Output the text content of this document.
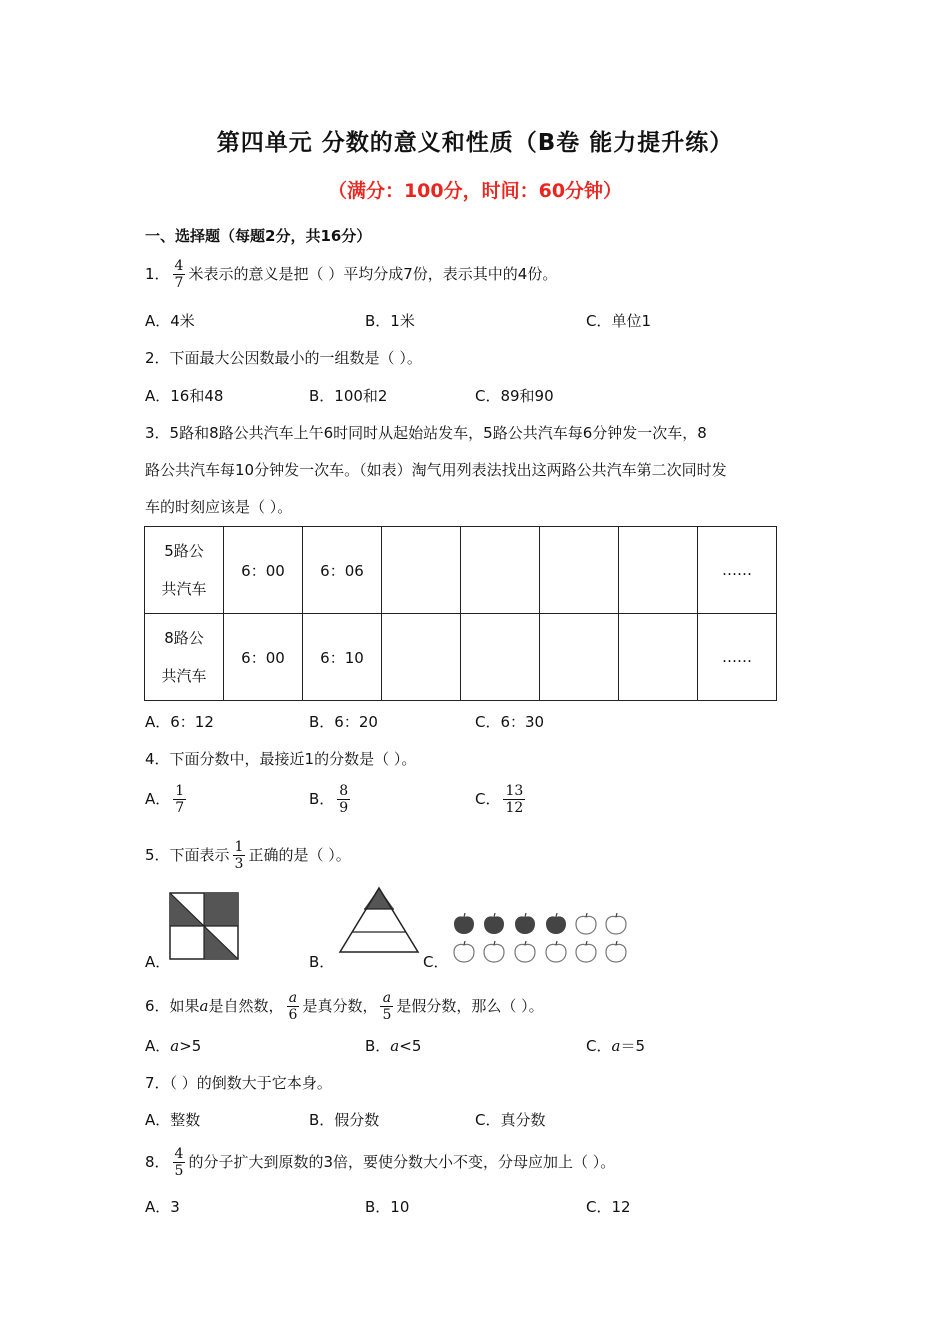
第四单元 分数的意义和性质（B卷 能力提升练）
（满分：100分，时间：60分钟）
一、选择题（每题2分，共16分）
1． $\frac{4}{7}$ 米表示的意义是把（ ）平均分成7份，表示其中的4份。
A．4米	B．1米	C．单位1
2．下面最大公因数最小的一组数是（ ）。
A．16和48	B．100和2	C．89和90
3．5路和8路公共汽车上午6时同时从起始站发车，5路公共汽车每6分钟发一次车，8
路公共汽车每10分钟发一次车。（如表）淘气用列表法找出这两路公共汽车第二次同时发
车的时刻应该是（ ）。
5路公
共汽车	6：00	6：06					……
8路公
共汽车	6：00	6：10					……
A．6：12	B．6：20	C．6：30
4．下面分数中，最接近1的分数是（ ）。
A． $\frac{1}{7}$	B． $\frac{8}{9}$	C． $\frac{13}{12}$
5．下面表示 $\frac{1}{3}$ 正确的是（ ）。
A．	B．	C．
6．如果a是自然数， $\frac{a}{6}$ 是真分数， $\frac{a}{5}$ 是假分数，那么（ ）。
A．a>5	B．a<5	C．a＝5
7．（ ）的倒数大于它本身。
A．整数	B．假分数	C．真分数
8． $\frac{4}{5}$ 的分子扩大到原数的3倍，要使分数大小不变，分母应加上（ ）。
A．3	B．10	C．12
